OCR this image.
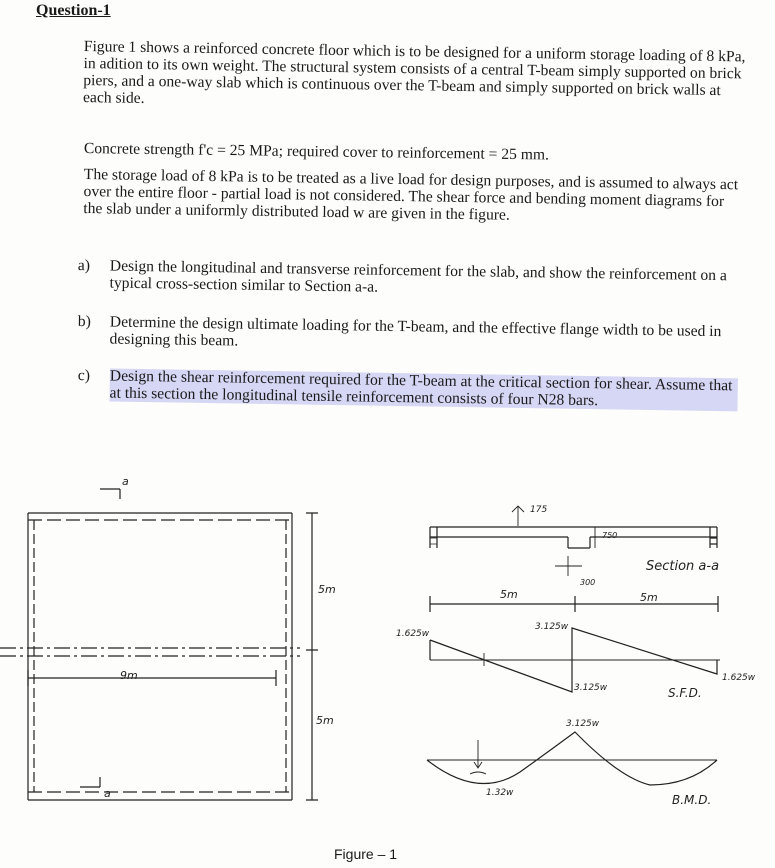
Question-1
Figure 1 shows a reinforced concrete floor which is to be designed for a uniform storage loading of 8 kPa, in adition to its own weight. The structural system consists of a central T-beam simply supported on brick piers, and a one-way slab which is continuous over the T-beam and simply supported on brick walls at each side.
Concrete strength f'c = 25 MPa; required cover to reinforcement = 25 mm.
The storage load of 8 kPa is to be treated as a live load for design purposes, and is assumed to always act over the entire floor - partial load is not considered. The shear force and bending moment diagrams for the slab under a uniformly distributed load w are given in the figure.
a) Design the longitudinal and transverse reinforcement for the slab, and show the reinforcement on a typical cross-section similar to Section a-a.
b) Determine the design ultimate loading for the T-beam, and the effective flange width to be used in designing this beam.
c) Design the shear reinforcement required for the T-beam at the critical section for shear. Assume that at this section the longitudinal tensile reinforcement consists of four N28 bars.
a
a
9m
5m
5m
175
750
300
5m	5m
Section a-a
1.625w
3.125w
3.125w
1.625w
S.F.D.
3.125w
1.32w	B.M.D.
Figure – 1
